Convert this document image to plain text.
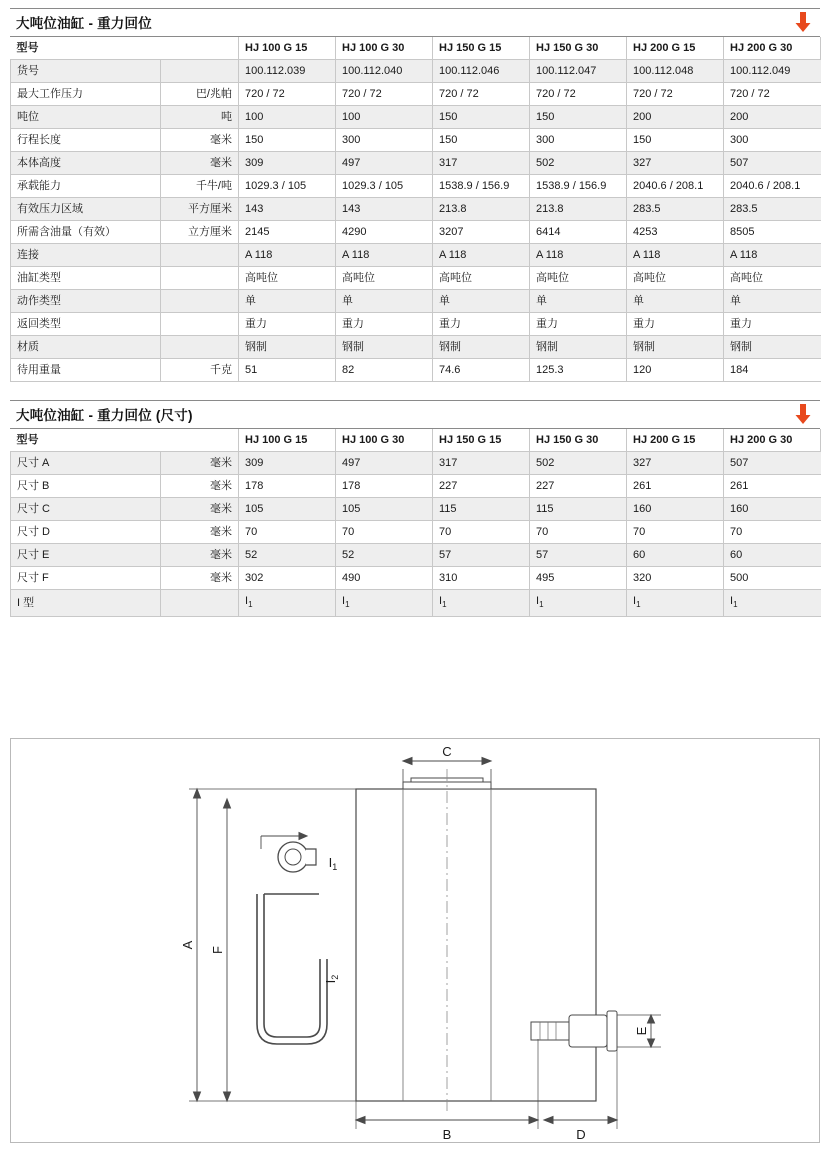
大吨位油缸 - 重力回位
型号		HJ 100 G 15	HJ 100 G 30	HJ 150 G 15	HJ 150 G 30	HJ 200 G 15	HJ 200 G 30
货号		100.112.039	100.112.040	100.112.046	100.112.047	100.112.048	100.112.049
最大工作压力	巴/兆帕	720 / 72	720 / 72	720 / 72	720 / 72	720 / 72	720 / 72
吨位	吨	100	100	150	150	200	200
行程长度	毫米	150	300	150	300	150	300
本体高度	毫米	309	497	317	502	327	507
承载能力	千牛/吨	1029.3 / 105	1029.3 / 105	1538.9 / 156.9	1538.9 / 156.9	2040.6 / 208.1	2040.6 / 208.1
有效压力区域	平方厘米	143	143	213.8	213.8	283.5	283.5
所需含油量（有效）	立方厘米	2145	4290	3207	6414	4253	8505
连接		A 118	A 118	A 118	A 118	A 118	A 118
油缸类型		高吨位	高吨位	高吨位	高吨位	高吨位	高吨位
动作类型		单	单	单	单	单	单
返回类型		重力	重力	重力	重力	重力	重力
材质		钢制	钢制	钢制	钢制	钢制	钢制
待用重量	千克	51	82	74.6	125.3	120	184
大吨位油缸 - 重力回位 (尺寸)
型号		HJ 100 G 15	HJ 100 G 30	HJ 150 G 15	HJ 150 G 30	HJ 200 G 15	HJ 200 G 30
尺寸 A	毫米	309	497	317	502	327	507
尺寸 B	毫米	178	178	227	227	261	261
尺寸 C	毫米	105	105	115	115	160	160
尺寸 D	毫米	70	70	70	70	70	70
尺寸 E	毫米	52	52	57	57	60	60
尺寸 F	毫米	302	490	310	495	320	500
I 型		$I_1$	$I_1$	$I_1$	$I_1$	$I_1$	$I_1$
C
B	D
A
F
E
$I_1$
$I_2$
